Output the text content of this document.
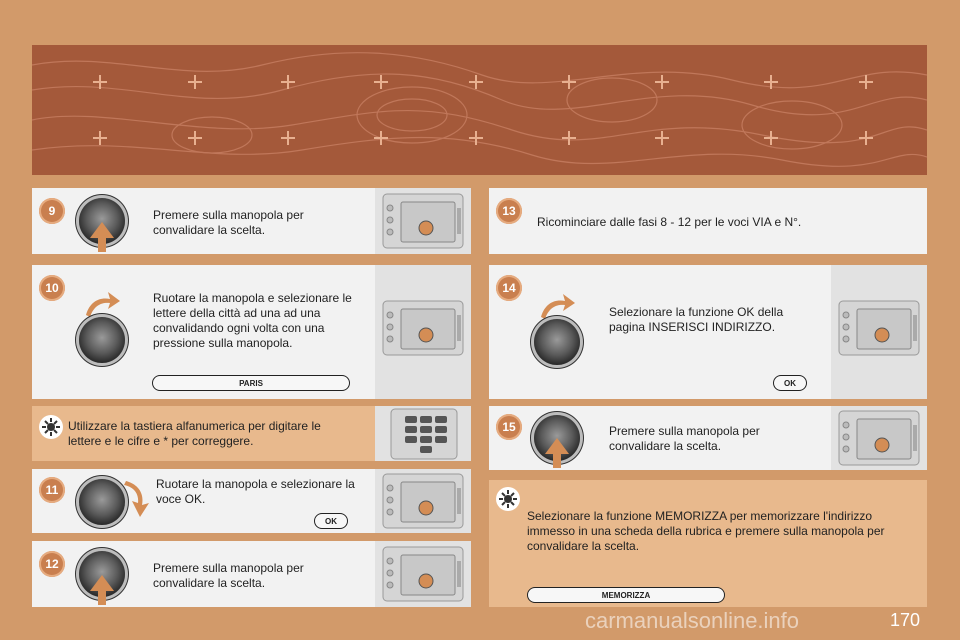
9	Premere sulla manopola per convalidare la scelta.
10
Ruotare la manopola e selezionare le lettere della città ad una ad una convalidando ogni volta con una pressione sulla manopola.
PARIS
Utilizzare la tastiera alfanumerica per digitare le lettere e le cifre e * per correggere.
11	Ruotare la manopola e selezionare la voce OK.
OK
12	Premere sulla manopola per convalidare la scelta.
13
Ricominciare dalle fasi 8 - 12 per le voci VIA e N°.
14
Selezionare la funzione OK della pagina INSERISCI INDIRIZZO.
OK
15	Premere sulla manopola per convalidare la scelta.
Selezionare la funzione MEMORIZZA per memorizzare l'indirizzo immesso in una scheda della rubrica e premere sulla manopola per convalidare la scelta.
MEMORIZZA
170
carmanualsonline.info
